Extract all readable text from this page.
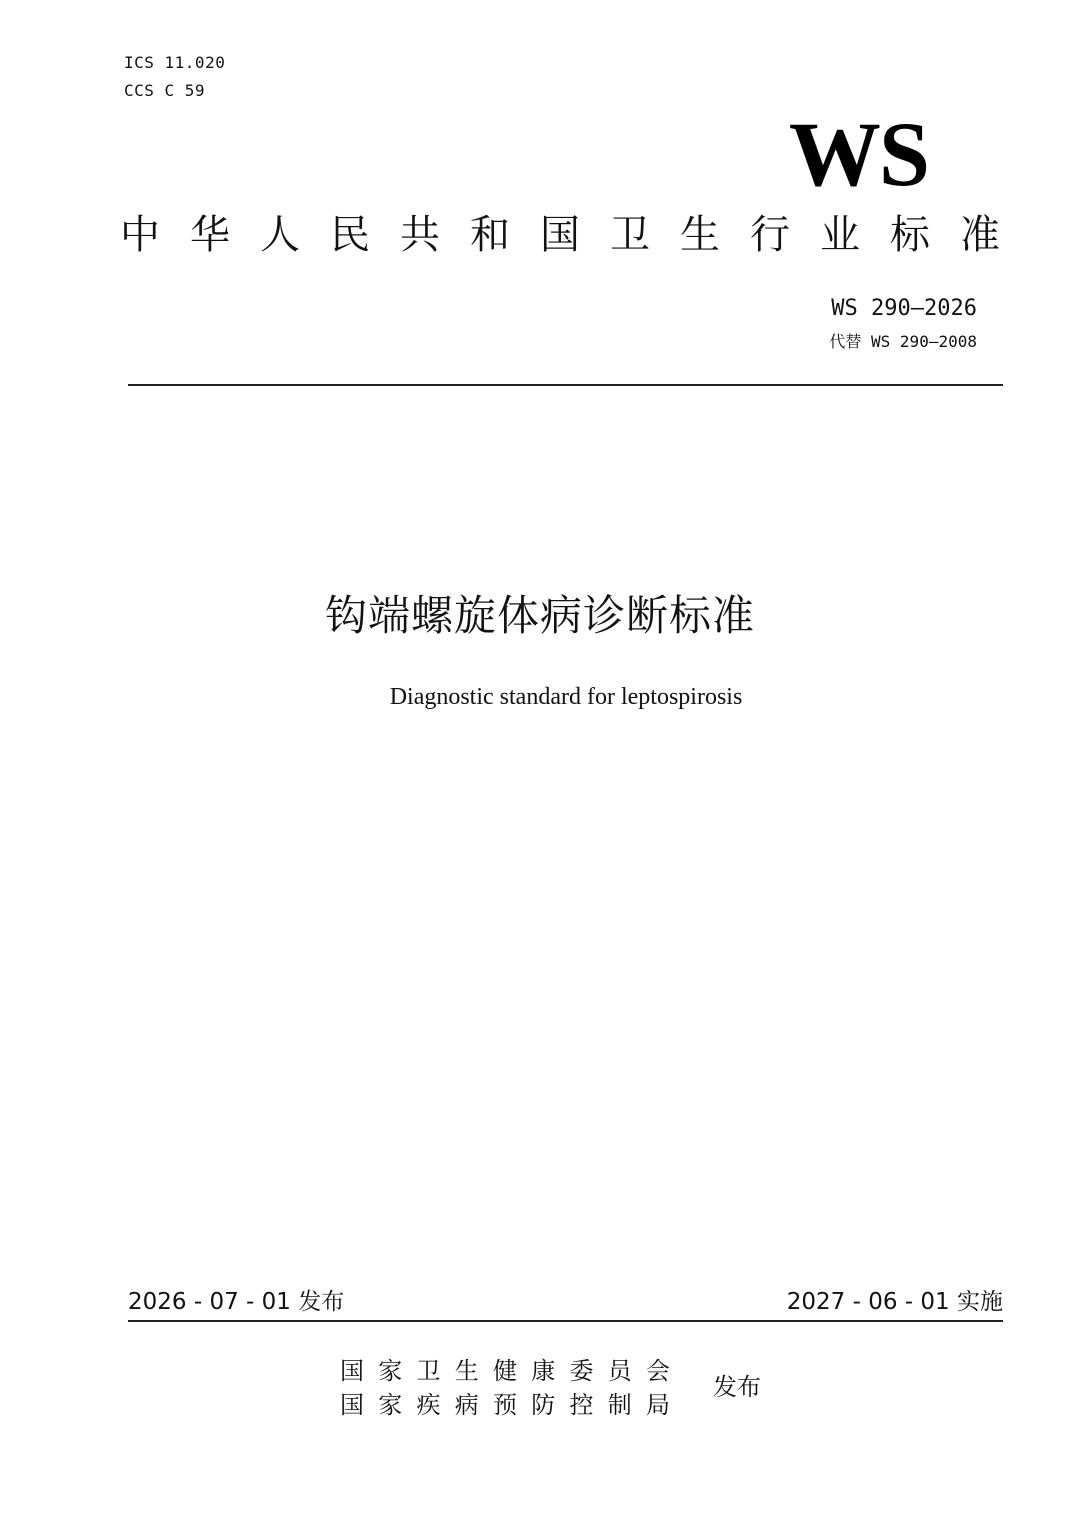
ICS 11.020
CCS C 59
WS
中 华 人 民 共 和 国 卫 生 行 业 标 准
WS 290—2026
代替 WS 290—2008
钩端螺旋体病诊断标准
Diagnostic standard for leptospirosis
2026 - 07 - 01 发布	2027 - 06 - 01 实施
国 家 卫 生 健 康 委 员 会
国 家 疾 病 预 防 控 制 局
发布
